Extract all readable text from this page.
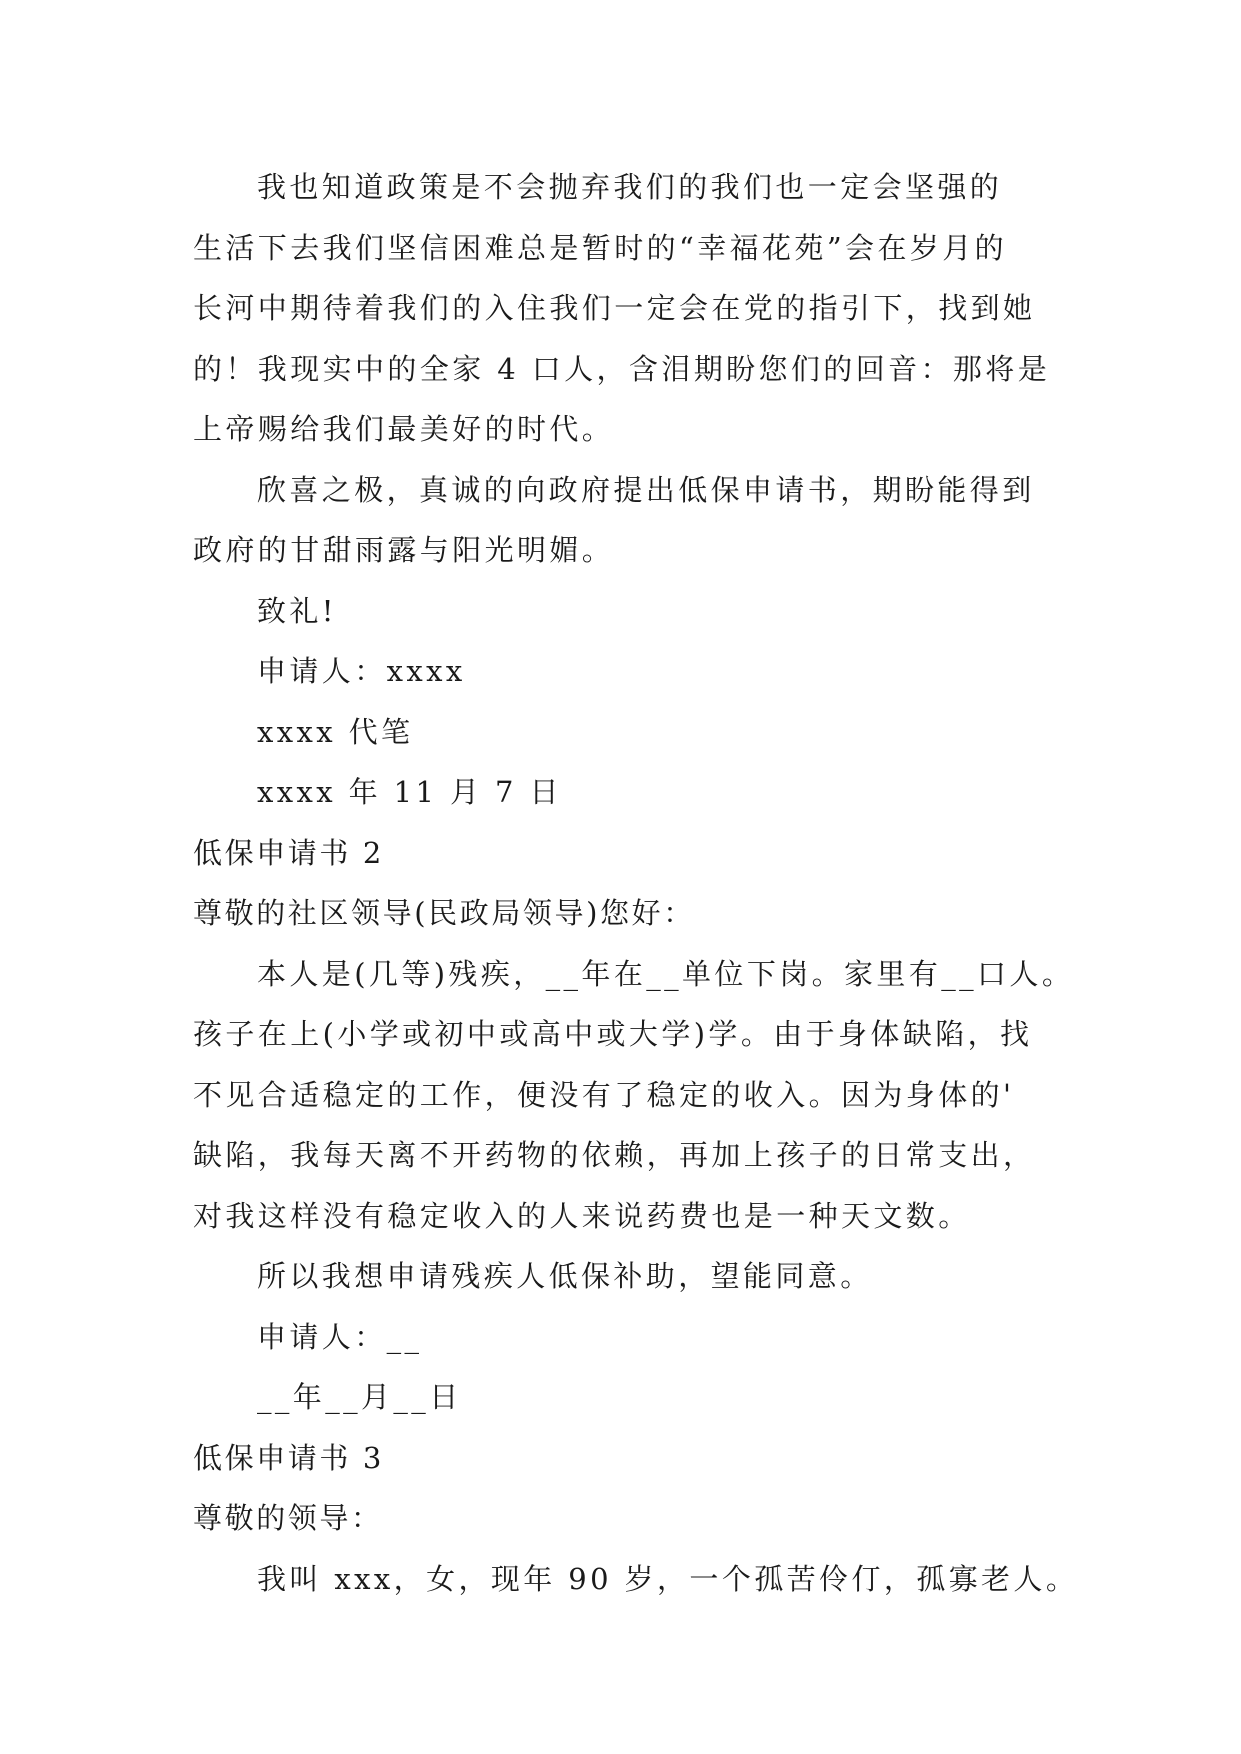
我也知道政策是不会抛弃我们的我们也一定会坚强的
生活下去我们坚信困难总是暂时的“幸福花苑”会在岁月的
长河中期待着我们的入住我们一定会在党的指引下，找到她
的！我现实中的全家 4 口人，含泪期盼您们的回音：那将是
上帝赐给我们最美好的时代。
欣喜之极，真诚的向政府提出低保申请书，期盼能得到
政府的甘甜雨露与阳光明媚。
致礼!
申请人：xxxx
xxxx 代笔
xxxx 年 11 月 7 日
低保申请书 2
尊敬的社区领导(民政局领导)您好：
本人是(几等)残疾，__年在__单位下岗。家里有__口人。
孩子在上(小学或初中或高中或大学)学。由于身体缺陷，找
不见合适稳定的工作，便没有了稳定的收入。因为身体的'
缺陷，我每天离不开药物的依赖，再加上孩子的日常支出，
对我这样没有稳定收入的人来说药费也是一种天文数。
所以我想申请残疾人低保补助，望能同意。
申请人：__
__年__月__日
低保申请书 3
尊敬的领导：
我叫 xxx，女，现年 90 岁，一个孤苦伶仃，孤寡老人。
